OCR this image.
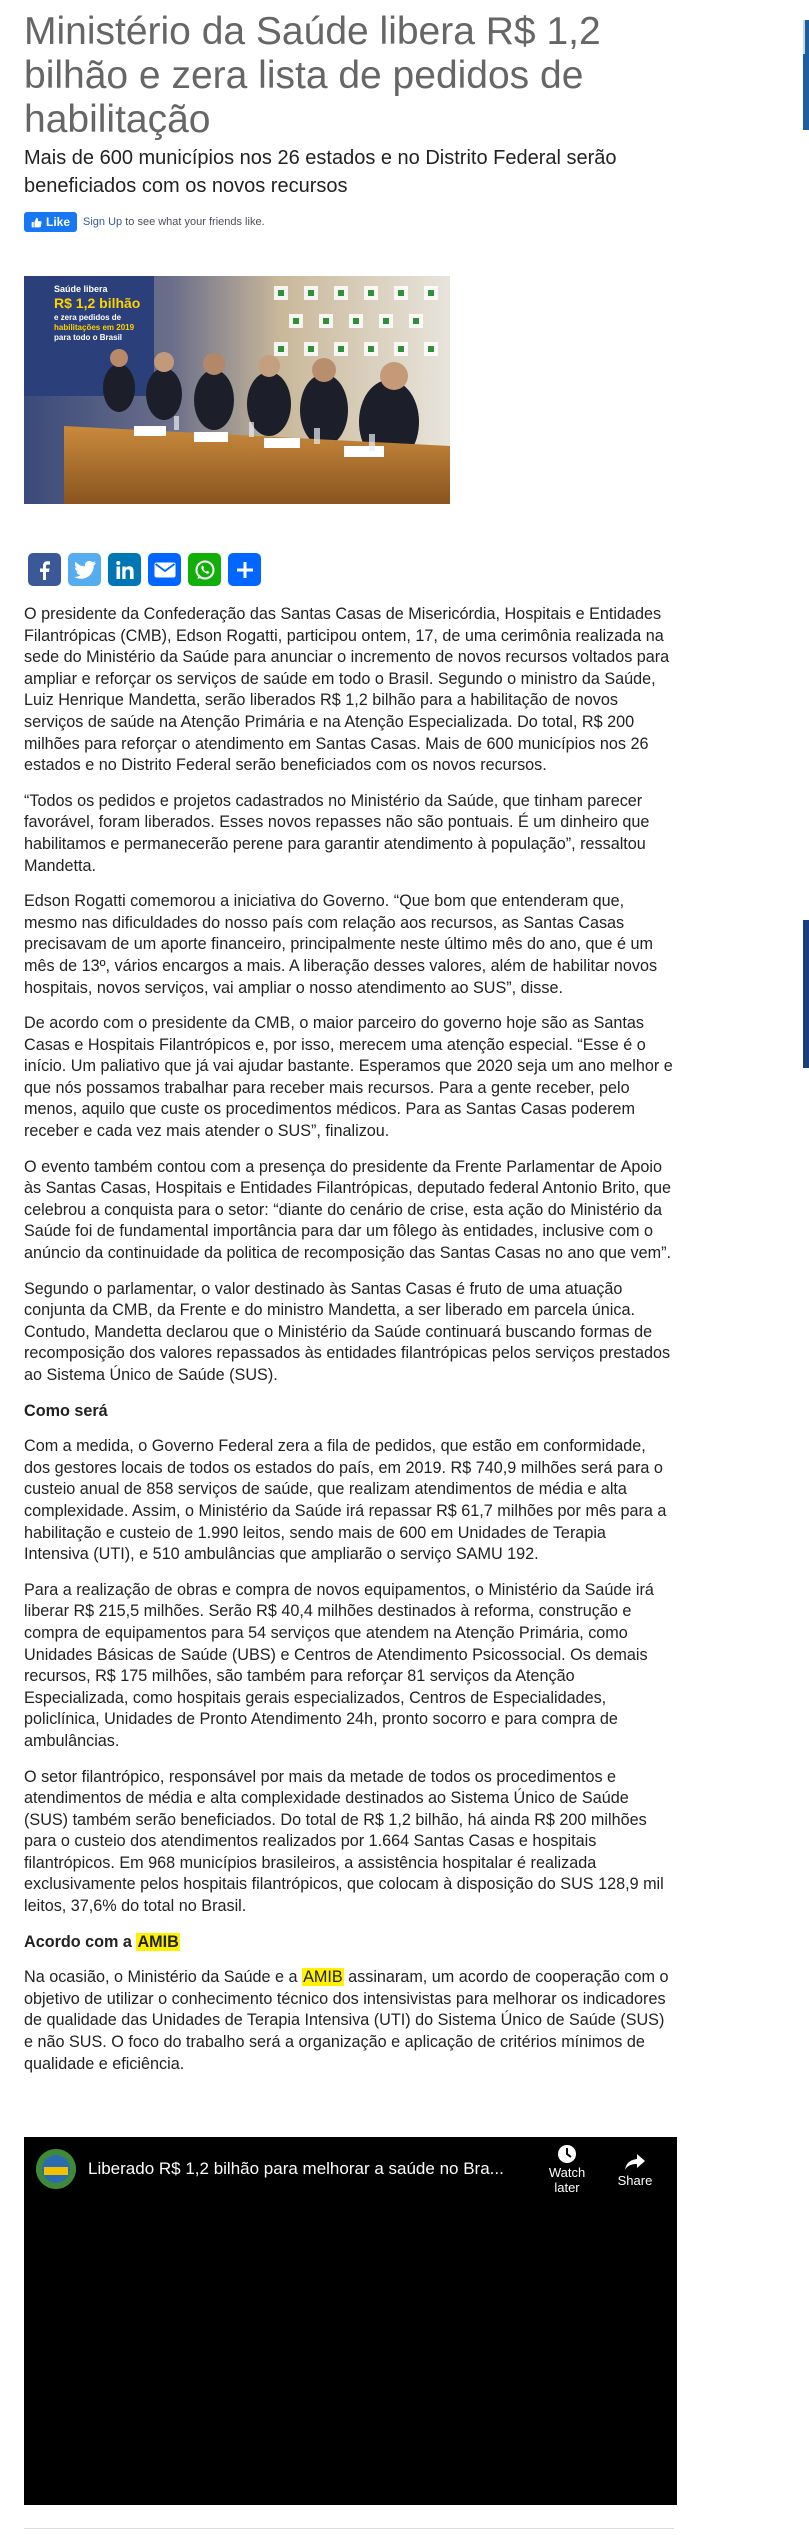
Ministério da Saúde libera R$ 1,2 bilhão e zera lista de pedidos de habilitação
Mais de 600 municípios nos 26 estados e no Distrito Federal serão beneficiados com os novos recursos
Like Sign Up to see what your friends like.
Saúde libera
R$ 1,2 bilhão
e zera pedidos de
habilitações em 2019
para todo o Brasil

O presidente da Confederação das Santas Casas de Misericórdia, Hospitais e Entidades Filantrópicas (CMB), Edson Rogatti, participou ontem, 17, de uma cerimônia realizada na sede do Ministério da Saúde para anunciar o incremento de novos recursos voltados para ampliar e reforçar os serviços de saúde em todo o Brasil. Segundo o ministro da Saúde, Luiz Henrique Mandetta, serão liberados R$ 1,2 bilhão para a habilitação de novos serviços de saúde na Atenção Primária e na Atenção Especializada. Do total, R$ 200 milhões para reforçar o atendimento em Santas Casas. Mais de 600 municípios nos 26 estados e no Distrito Federal serão beneficiados com os novos recursos.

“Todos os pedidos e projetos cadastrados no Ministério da Saúde, que tinham parecer favorável, foram liberados. Esses novos repasses não são pontuais. É um dinheiro que habilitamos e permanecerão perene para garantir atendimento à população”, ressaltou Mandetta.

Edson Rogatti comemorou a iniciativa do Governo. “Que bom que entenderam que, mesmo nas dificuldades do nosso país com relação aos recursos, as Santas Casas precisavam de um aporte financeiro, principalmente neste último mês do ano, que é um mês de 13º, vários encargos a mais. A liberação desses valores, além de habilitar novos hospitais, novos serviços, vai ampliar o nosso atendimento ao SUS”, disse.

De acordo com o presidente da CMB, o maior parceiro do governo hoje são as Santas Casas e Hospitais Filantrópicos e, por isso, merecem uma atenção especial. “Esse é o início. Um paliativo que já vai ajudar bastante. Esperamos que 2020 seja um ano melhor e que nós possamos trabalhar para receber mais recursos. Para a gente receber, pelo menos, aquilo que custe os procedimentos médicos. Para as Santas Casas poderem receber e cada vez mais atender o SUS”, finalizou.

O evento também contou com a presença do presidente da Frente Parlamentar de Apoio às Santas Casas, Hospitais e Entidades Filantrópicas, deputado federal Antonio Brito, que celebrou a conquista para o setor: “diante do cenário de crise, esta ação do Ministério da Saúde foi de fundamental importância para dar um fôlego às entidades, inclusive com o anúncio da continuidade da politica de recomposição das Santas Casas no ano que vem”.

Segundo o parlamentar, o valor destinado às Santas Casas é fruto de uma atuação conjunta da CMB, da Frente e do ministro Mandetta, a ser liberado em parcela única. Contudo, Mandetta declarou que o Ministério da Saúde continuará buscando formas de recomposição dos valores repassados às entidades filantrópicas pelos serviços prestados ao Sistema Único de Saúde (SUS).

Como será

Com a medida, o Governo Federal zera a fila de pedidos, que estão em conformidade, dos gestores locais de todos os estados do país, em 2019. R$ 740,9 milhões será para o custeio anual de 858 serviços de saúde, que realizam atendimentos de média e alta complexidade. Assim, o Ministério da Saúde irá repassar R$ 61,7 milhões por mês para a habilitação e custeio de 1.990 leitos, sendo mais de 600 em Unidades de Terapia Intensiva (UTI), e 510 ambulâncias que ampliarão o serviço SAMU 192.

Para a realização de obras e compra de novos equipamentos, o Ministério da Saúde irá liberar R$ 215,5 milhões. Serão R$ 40,4 milhões destinados à reforma, construção e compra de equipamentos para 54 serviços que atendem na Atenção Primária, como Unidades Básicas de Saúde (UBS) e Centros de Atendimento Psicossocial. Os demais recursos, R$ 175 milhões, são também para reforçar 81 serviços da Atenção Especializada, como hospitais gerais especializados, Centros de Especialidades, policlínica, Unidades de Pronto Atendimento 24h, pronto socorro e para compra de ambulâncias.

O setor filantrópico, responsável por mais da metade de todos os procedimentos e atendimentos de média e alta complexidade destinados ao Sistema Único de Saúde (SUS) também serão beneficiados. Do total de R$ 1,2 bilhão, há ainda R$ 200 milhões para o custeio dos atendimentos realizados por 1.664 Santas Casas e hospitais filantrópicos. Em 968 municípios brasileiros, a assistência hospitalar é realizada exclusivamente pelos hospitais filantrópicos, que colocam à disposição do SUS 128,9 mil leitos, 37,6% do total no Brasil.

Acordo com a AMIB

Na ocasião, o Ministério da Saúde e a AMIB assinaram, um acordo de cooperação com o objetivo de utilizar o conhecimento técnico dos intensivistas para melhorar os indicadores de qualidade das Unidades de Terapia Intensiva (UTI) do Sistema Único de Saúde (SUS) e não SUS. O foco do trabalho será a organização e aplicação de critérios mínimos de qualidade e eficiência.

Liberado R$ 1,2 bilhão para melhorar a saúde no Bra...	Watch later	Share
